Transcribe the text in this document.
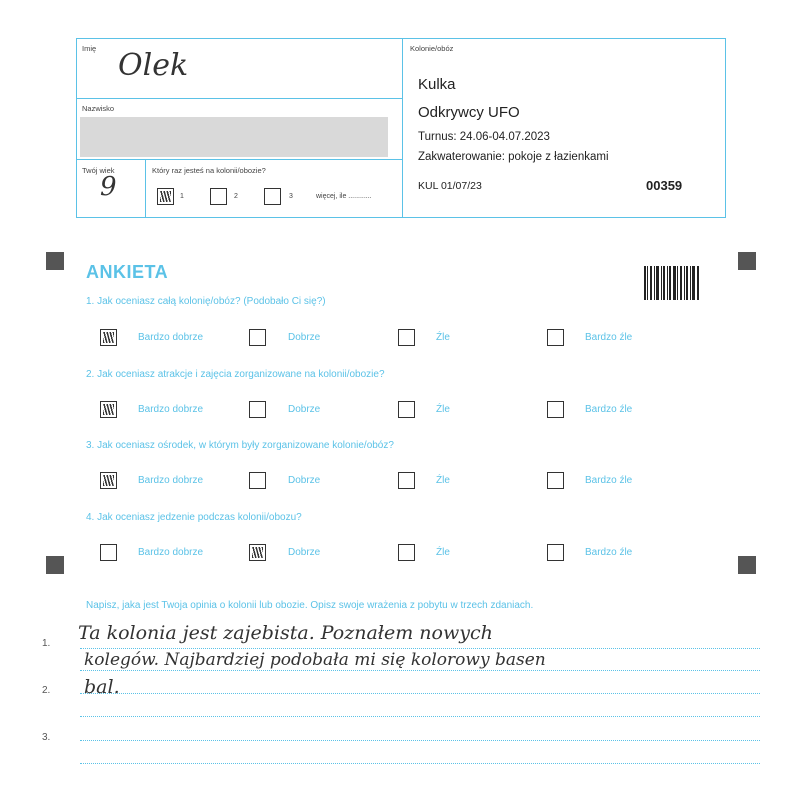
Imię Olek
Nazwisko
Twój wiek
9
Który raz jesteś na kolonii/obozie?
1	2	3	więcej, ile ............
Kolonie/obóz
Kulka
Odkrywcy UFO
Turnus: 24.06-04.07.2023
Zakwaterowanie: pokoje z łazienkami
KUL 01/07/23	00359
ANKIETA
1. Jak oceniasz całą kolonię/obóz? (Podobało Ci się?)
2. Jak oceniasz atrakcje i zajęcia zorganizowane na kolonii/obozie?
3. Jak oceniasz ośrodek, w którym były zorganizowane kolonie/obóz?
4. Jak oceniasz jedzenie podczas kolonii/obozu?
Bardzo dobrze	Dobrze	Źle	Bardzo źle
Bardzo dobrze	Dobrze	Źle	Bardzo źle
Bardzo dobrze	Dobrze	Źle	Bardzo źle
Bardzo dobrze	Dobrze	Źle	Bardzo źle
Napisz, jaka jest Twoja opinia o kolonii lub obozie. Opisz swoje wrażenia z pobytu w trzech zdaniach.
1.
2.
3.
Ta kolonia jest zajebista. Poznałem nowych
kolegów. Najbardziej podobała mi się kolorowy basen
bal.
